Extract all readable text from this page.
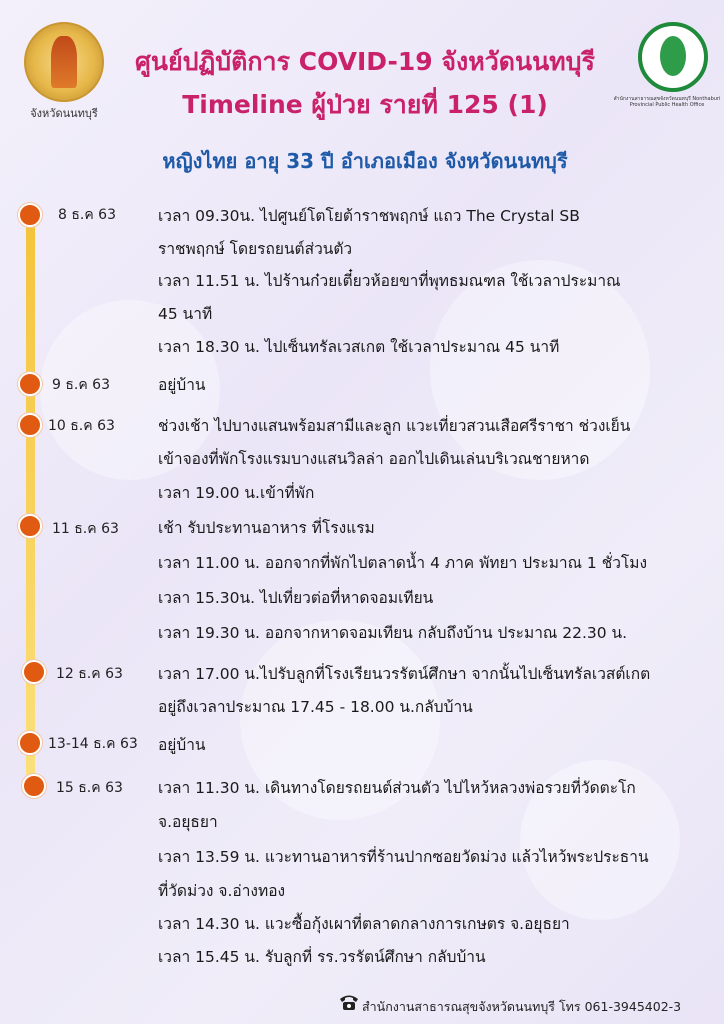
จังหวัดนนทบุรี
สำนักงานสาธารณสุขจังหวัดนนทบุรี Nonthaburi Provincial Public Health Office
ศูนย์ปฏิบัติการ COVID-19 จังหวัดนนทบุรี
Timeline ผู้ป่วย รายที่ 125 (1)
หญิงไทย อายุ 33 ปี อำเภอเมือง จังหวัดนนทบุรี
8 ธ.ค 63	เวลา 09.30น. ไปศูนย์โตโยต้าราชพฤกษ์ แถว The Crystal SB
ราชพฤกษ์ โดยรถยนต์ส่วนตัว
เวลา 11.51 น. ไปร้านก๋วยเตี๋ยวห้อยขาที่พุทธมณฑล ใช้เวลาประมาณ
45 นาที
เวลา 18.30 น. ไปเซ็นทรัลเวสเกต ใช้เวลาประมาณ 45 นาที
9 ธ.ค 63	อยู่บ้าน
10 ธ.ค 63	ช่วงเช้า ไปบางแสนพร้อมสามีและลูก แวะเที่ยวสวนเสือศรีราชา ช่วงเย็น
เข้าจองที่พักโรงแรมบางแสนวิลล่า ออกไปเดินเล่นบริเวณชายหาด
เวลา 19.00 น.เข้าที่พัก
11 ธ.ค 63	เช้า รับประทานอาหาร ที่โรงแรม
เวลา 11.00 น. ออกจากที่พักไปตลาดน้ำ 4 ภาค พัทยา ประมาณ 1 ชั่วโมง
เวลา 15.30น. ไปเที่ยวต่อที่หาดจอมเทียน
เวลา 19.30 น. ออกจากหาดจอมเทียน กลับถึงบ้าน ประมาณ 22.30 น.
12 ธ.ค 63 เวลา 17.00 น.ไปรับลูกที่โรงเรียนวรรัตน์ศึกษา จากนั้นไปเซ็นทรัลเวสต์เกต
อยู่ถึงเวลาประมาณ 17.45 - 18.00 น.กลับบ้าน
13-14 ธ.ค 63 อยู่บ้าน
15 ธ.ค 63 เวลา 11.30 น. เดินทางโดยรถยนต์ส่วนตัว ไปไหว้หลวงพ่อรวยที่วัดตะโก
จ.อยุธยา
เวลา 13.59 น. แวะทานอาหารที่ร้านปากซอยวัดม่วง แล้วไหว้พระประธาน
ที่วัดม่วง จ.อ่างทอง
เวลา 14.30 น. แวะซื้อกุ้งเผาที่ตลาดกลางการเกษตร จ.อยุธยา
เวลา 15.45 น. รับลูกที่ รร.วรรัตน์ศึกษา กลับบ้าน
สำนักงานสาธารณสุขจังหวัดนนทบุรี โทร 061-3945402-3
